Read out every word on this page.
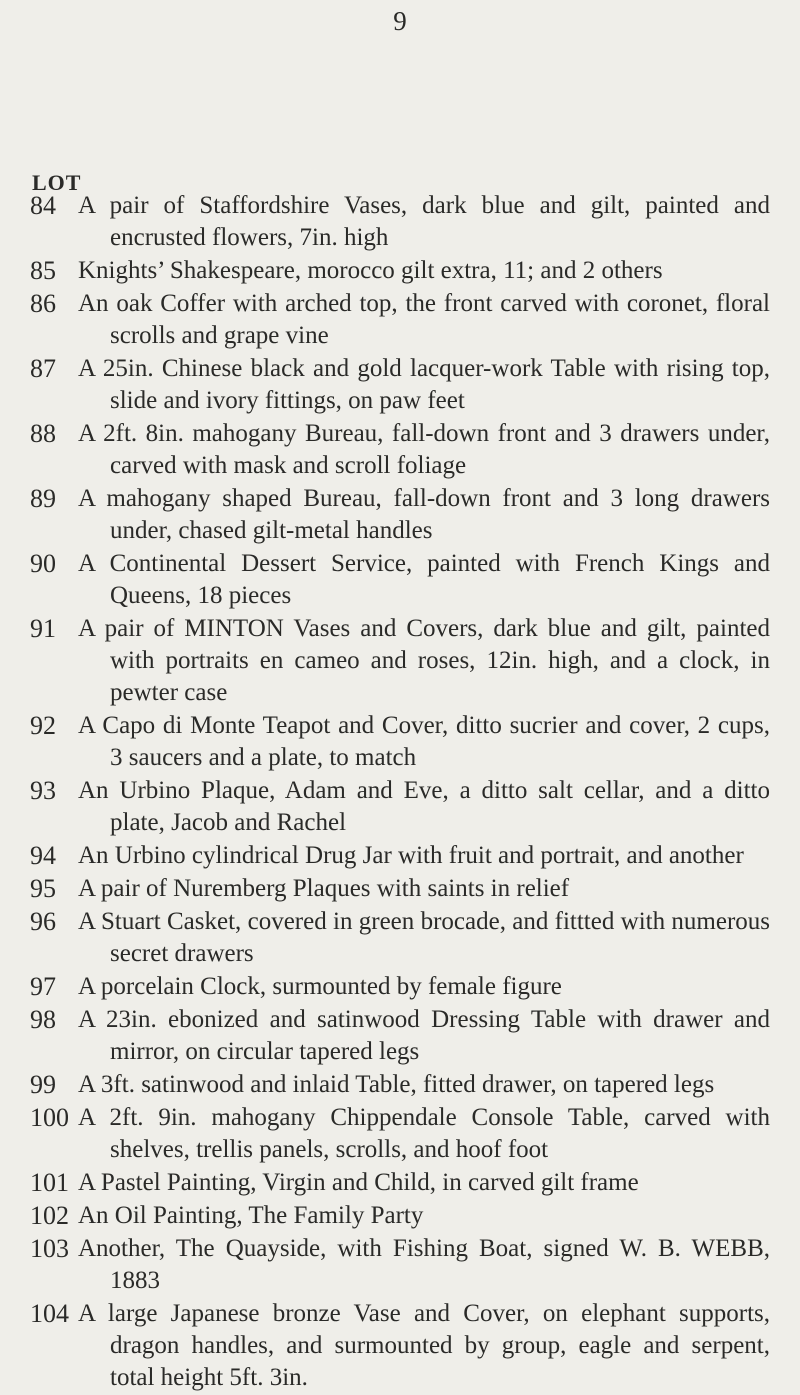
9
LOT
84 A pair of Staffordshire Vases, dark blue and gilt, painted and encrusted flowers, 7in. high
85 Knights’ Shakespeare, morocco gilt extra, 11; and 2 others
86 An oak Coffer with arched top, the front carved with coronet, floral scrolls and grape vine
87 A 25in. Chinese black and gold lacquer-work Table with rising top, slide and ivory fittings, on paw feet
88 A 2ft. 8in. mahogany Bureau, fall-down front and 3 drawers under, carved with mask and scroll foliage
89 A mahogany shaped Bureau, fall-down front and 3 long drawers under, chased gilt-metal handles
90 A Continental Dessert Service, painted with French Kings and Queens, 18 pieces
91 A pair of MINTON Vases and Covers, dark blue and gilt, painted with portraits en cameo and roses, 12in. high, and a clock, in pewter case
92 A Capo di Monte Teapot and Cover, ditto sucrier and cover, 2 cups, 3 saucers and a plate, to match
93 An Urbino Plaque, Adam and Eve, a ditto salt cellar, and a ditto plate, Jacob and Rachel
94 An Urbino cylindrical Drug Jar with fruit and portrait, and another
95 A pair of Nuremberg Plaques with saints in relief
96 A Stuart Casket, covered in green brocade, and fittted with numerous secret drawers
97 A porcelain Clock, surmounted by female figure
98 A 23in. ebonized and satinwood Dressing Table with drawer and mirror, on circular tapered legs
99 A 3ft. satinwood and inlaid Table, fitted drawer, on tapered legs
100 A 2ft. 9in. mahogany Chippendale Console Table, carved with shelves, trellis panels, scrolls, and hoof foot
101 A Pastel Painting, Virgin and Child, in carved gilt frame
102 An Oil Painting, The Family Party
103 Another, The Quayside, with Fishing Boat, signed W. B. WEBB, 1883
104 A large Japanese bronze Vase and Cover, on elephant supports, dragon handles, and surmounted by group, eagle and serpent, total height 5ft. 3in.
